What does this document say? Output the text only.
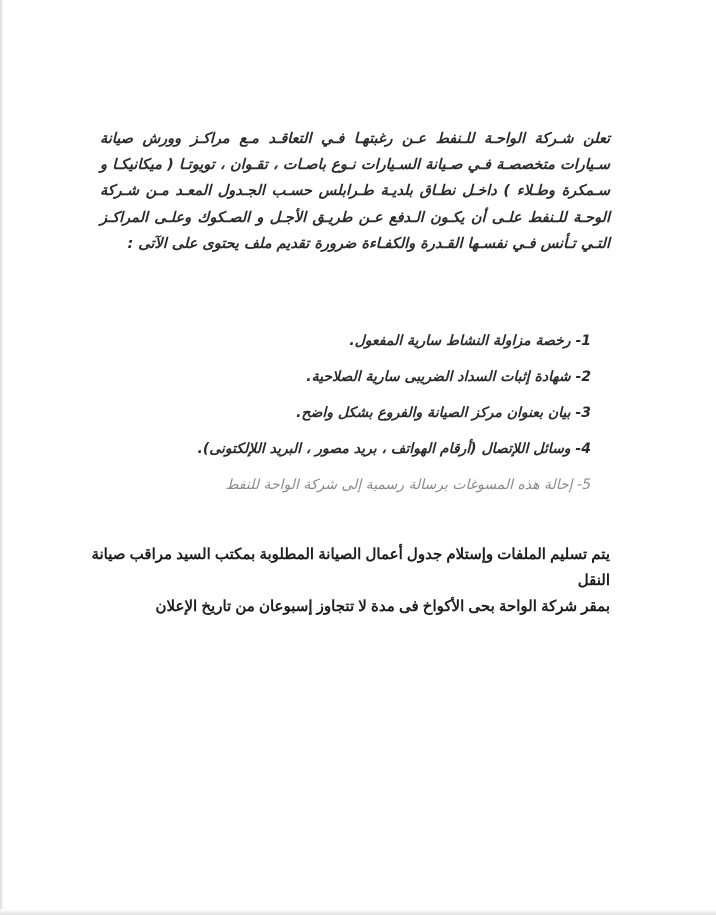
تعلن شـركة الواحـة للـنفط عـن رغبتهـا فـي التعاقـد مـع مراكـز وورش صيانة سـيارات متخصصـة فـي صـيانة السـيارات نـوع باصـات ، تقـوان ، تويوتـا ( ميكانيكـا و سـمكرة وطـلاء ) داخـل نطـاق بلديـة طـرابلس حسـب الجـدول المعـد مـن شـركة الوحـة للـنفط علـى أن يكـون الـدفع عـن طريـق الأجـل و الصـكوك وعلـى المراكـز التـي تـأنس فـي نفسـها القـدرة والكفـاءة ضرورة تقديم ملف يحتوى على الآتى :
1- رخصة مزاولة النشاط سارية المفعول.
2- شهادة إثبات السداد الضريبى سارية الصلاحية.
3- بيان بعنوان مركز الصيانة والفروع بشكل واضح.
4- وسائل اللإتصال (أرقام الهواتف ، بريد مصور ، البريد اللإلكتونى).
5- إحالة هذه المسوغات برسالة رسمية إلى شركة الواحة للنفط
يتم تسليم الملفات وإستلام جدول أعمال الصيانة المطلوبة بمكتب السيد مراقب صيانة النقل
بمقر شركة الواحة بحى الأكواخ فى مدة لا تتجاوز إسبوعان من تاريخ الإعلان
